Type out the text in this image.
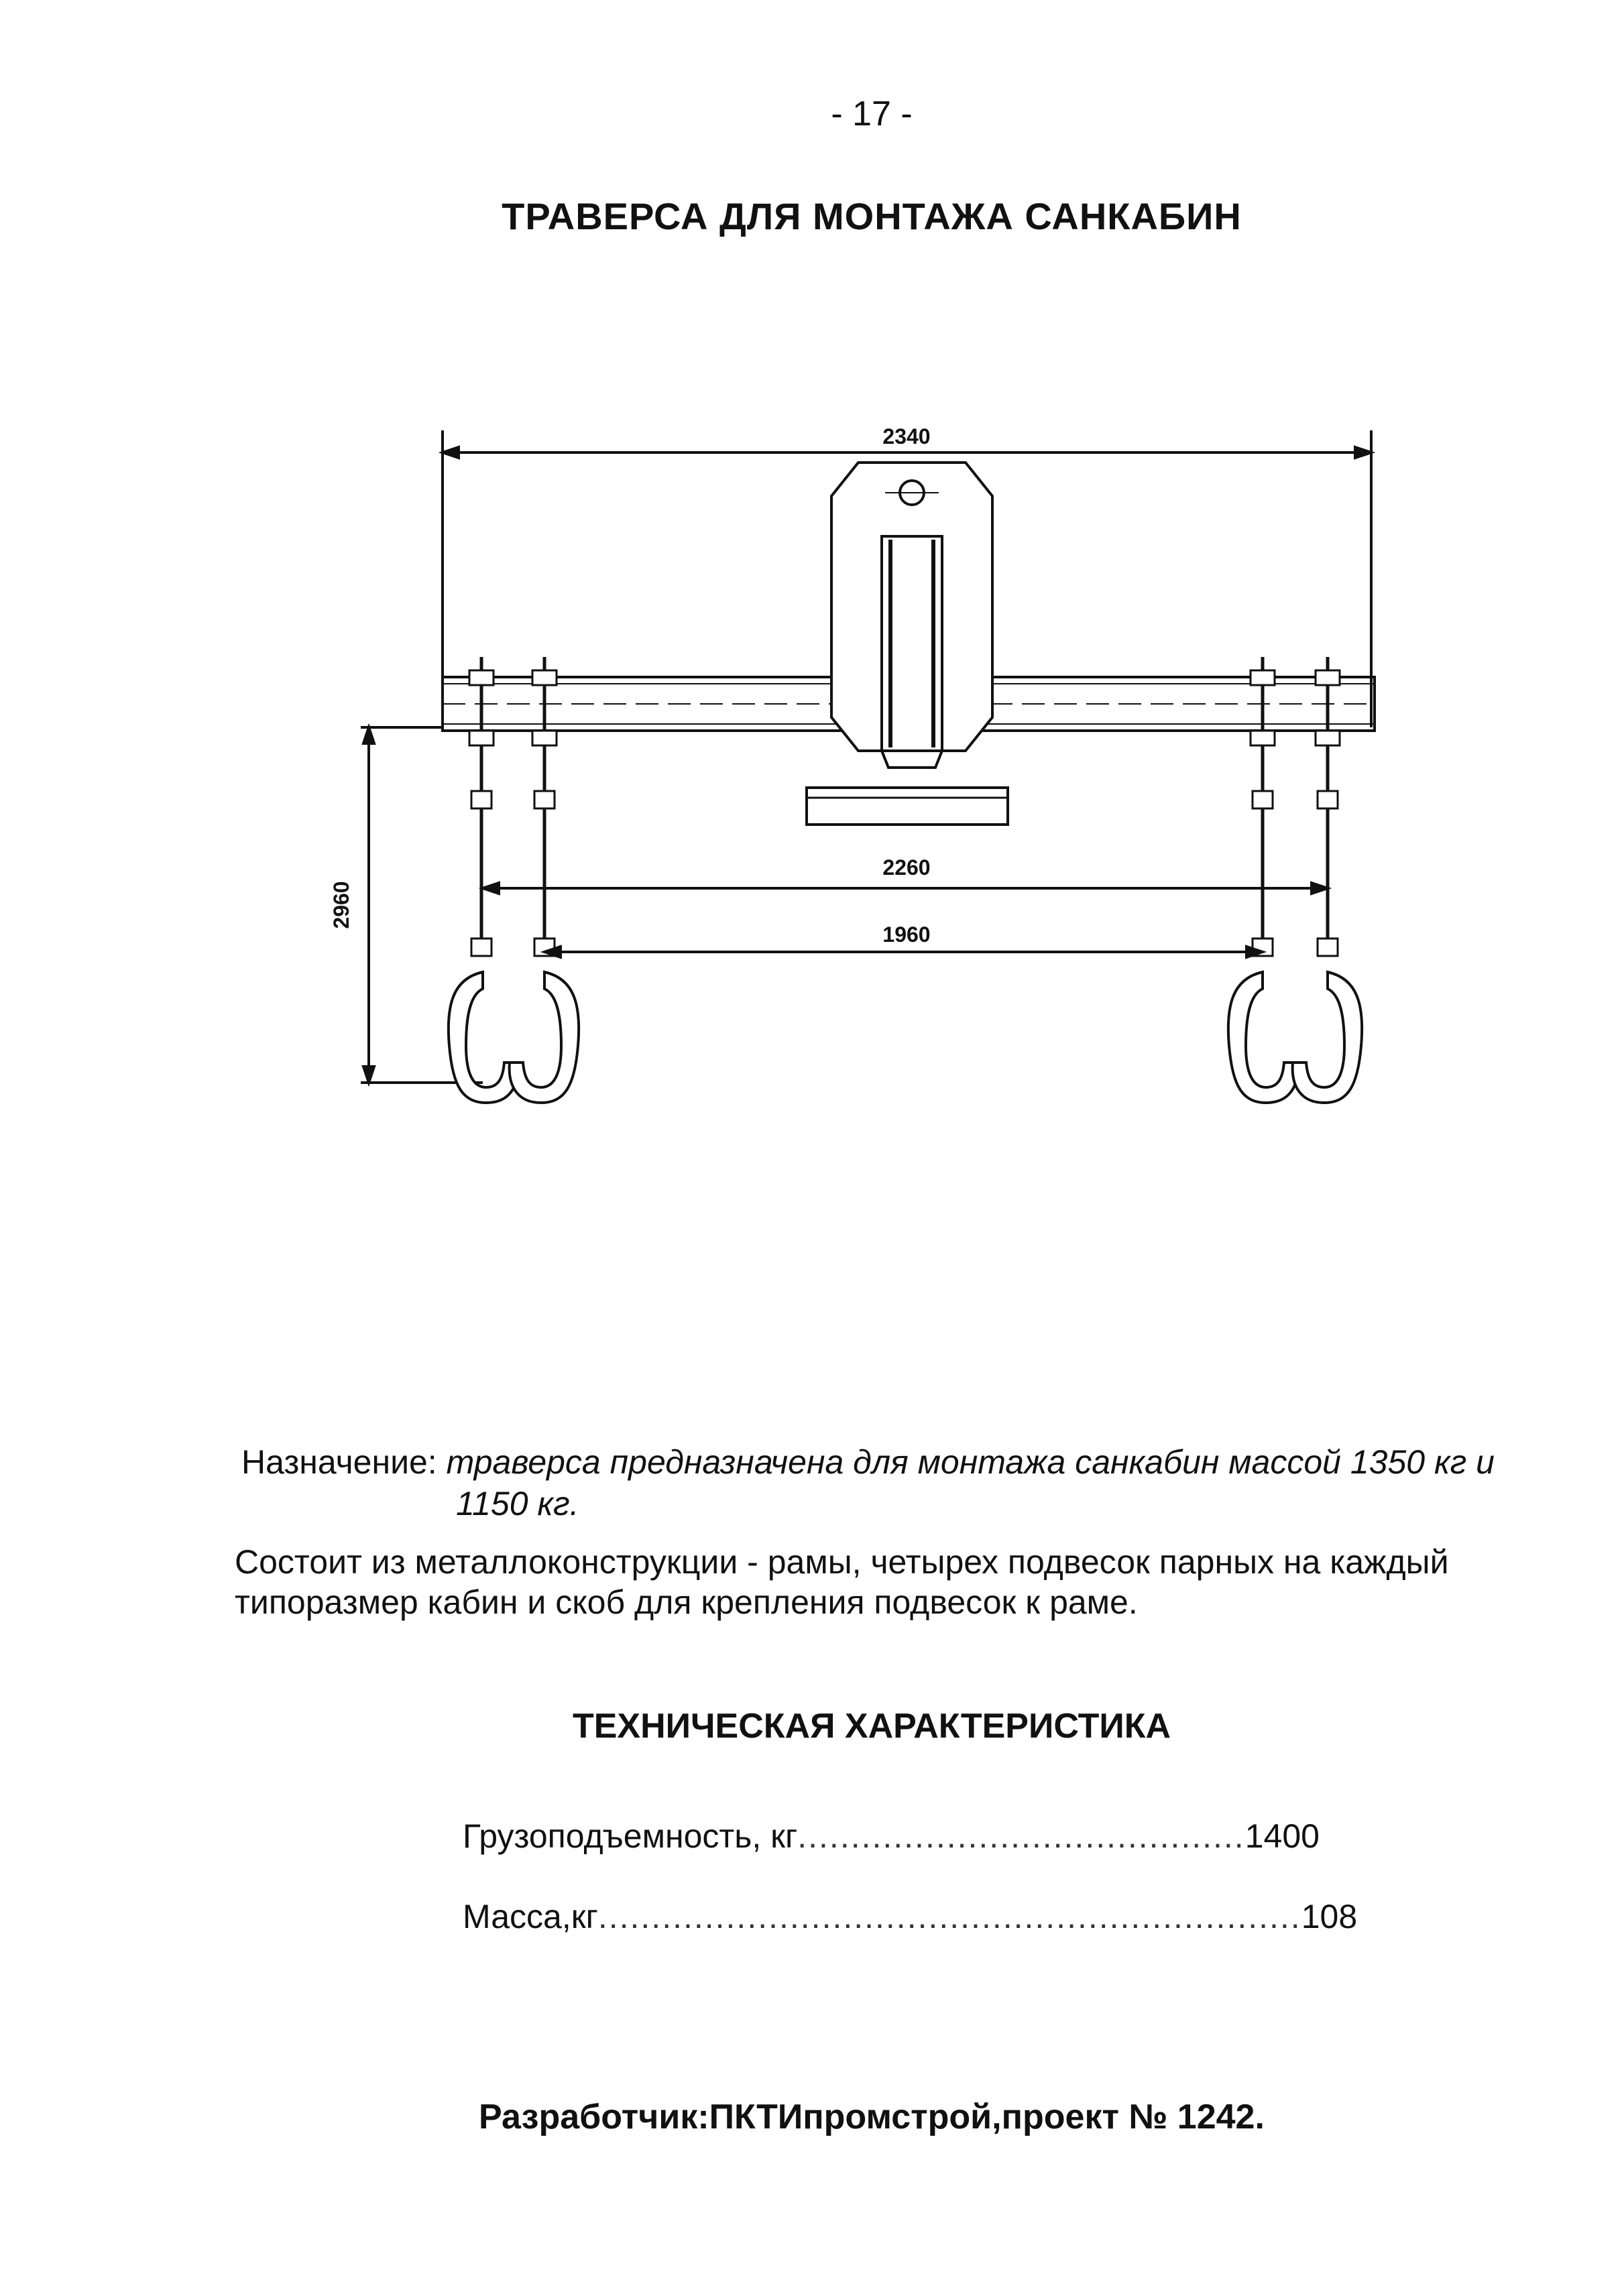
- 17 -
ТРАВЕРСА ДЛЯ МОНТАЖА САНКАБИН
2340
2260
1960
2960
Назначение: траверса предназначена для монтажа санкабин массой 1350 кг и
1150 кг.
Состоит из металлоконструкции - рамы, четырех подвесок парных на каждый типоразмер кабин и скоб для крепления подвесок к раме.
ТЕХНИЧЕСКАЯ ХАРАКТЕРИСТИКА
Грузоподъемность, кг..........................................1400
Масса,кг..................................................................108
Разработчик:ПКТИпромстрой,проект № 1242.
